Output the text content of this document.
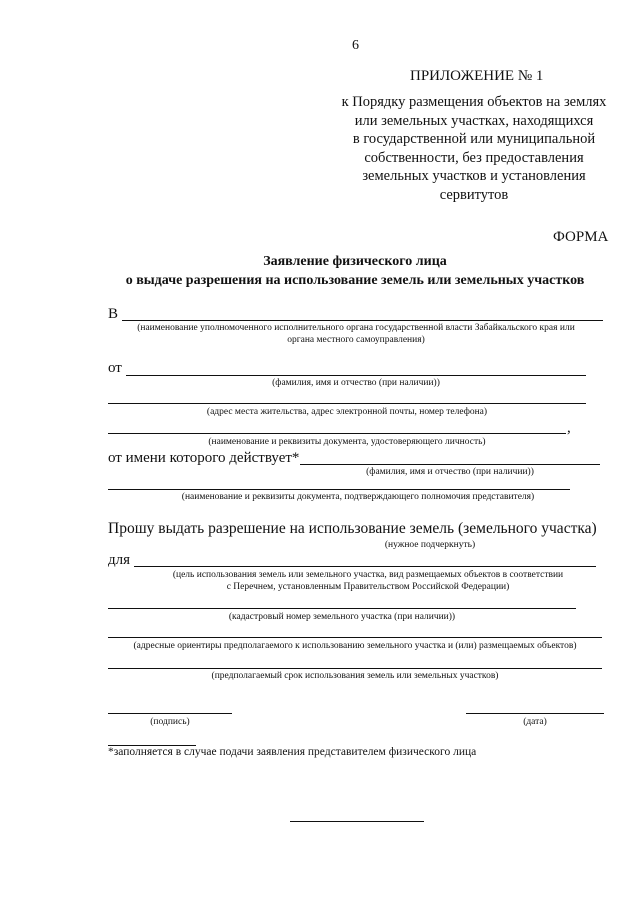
6
ПРИЛОЖЕНИЕ № 1
к Порядку размещения объектов на землях
или земельных участках, находящихся
в государственной или муниципальной
собственности, без предоставления
земельных участков и установления
сервитутов
ФОРМА
Заявление физического лица
о выдаче разрешения на использование земель или земельных участков
В
(наименование уполномоченного исполнительного органа государственной власти Забайкальского края или
органа местного самоуправления)
от
(фамилия, имя и отчество (при наличии))
(адрес места жительства, адрес электронной почты, номер телефона)
,
(наименование и реквизиты документа, удостоверяющего личность)
от имени которого действует*
(фамилия, имя и отчество (при наличии))
(наименование и реквизиты документа, подтверждающего полномочия представителя)
Прошу выдать разрешение на использование земель (земельного участка)
(нужное подчеркнуть)
для
(цель использования земель или земельного участка, вид размещаемых объектов в соответствии
с Перечнем, установленным Правительством Российской Федерации)
(кадастровый номер земельного участка (при наличии))
(адресные ориентиры предполагаемого к использованию земельного участка и (или) размещаемых объектов)
(предполагаемый срок использования земель или земельных участков)
(подпись)	(дата)
*заполняется в случае подачи заявления представителем физического лица
